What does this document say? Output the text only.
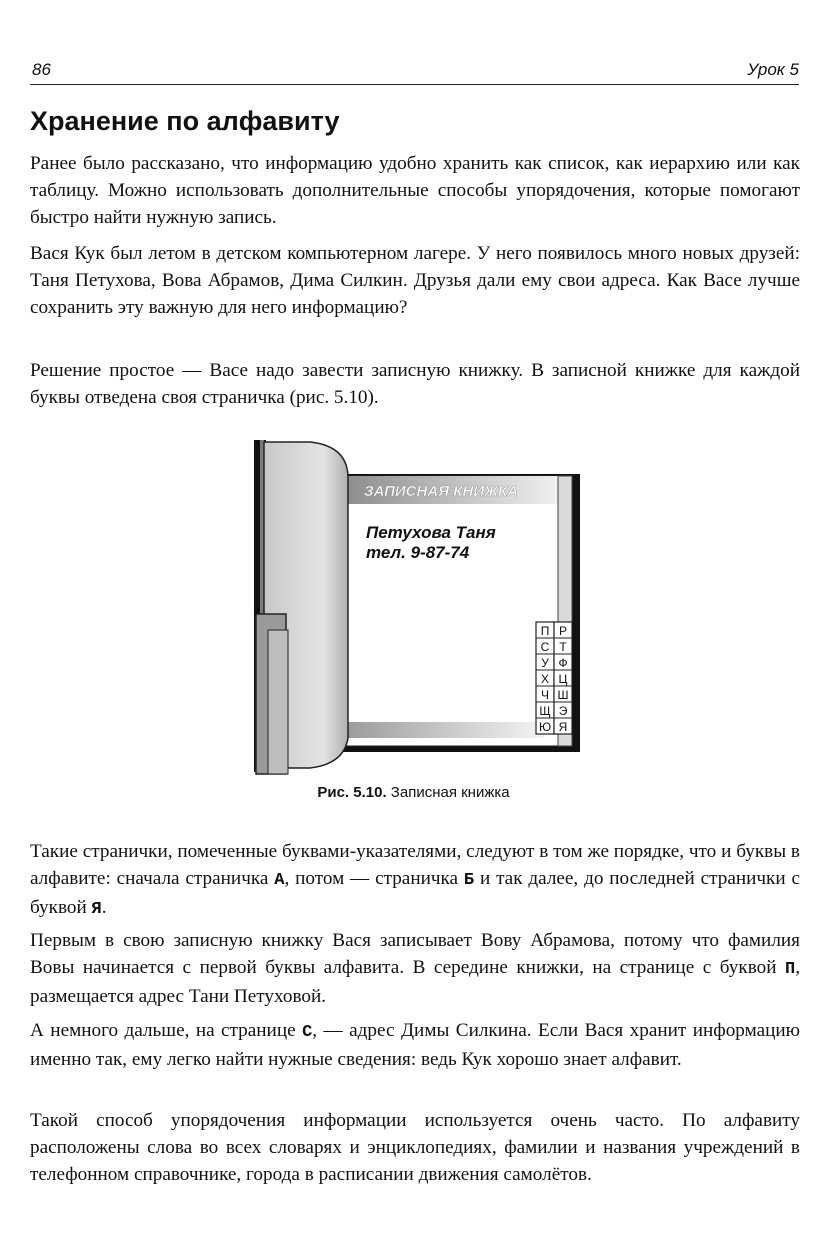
86	Урок 5
Хранение по алфавиту

Ранее было рассказано, что информацию удобно хранить как список, как иерархию или как таблицу. Можно использовать дополнительные способы упорядочения, которые помогают быстро найти нужную запись.

Вася Кук был летом в детском компьютерном лагере. У него появилось много новых друзей: Таня Петухова, Вова Абрамов, Дима Силкин. Друзья дали ему свои адреса. Как Васе лучше сохранить эту важную для него информацию?

Решение простое — Васе надо завести записную книжку. В записной книжке для каждой буквы отведена своя страничка (рис. 5.10).

П
С
У
Х
Ч
Щ
Ю
Р
Т
Ф
Ц
Ш
Э
Я
ЗАПИСНАЯ КНИЖКА
Петухова Таня
тел. 9-87-74
Рис. 5.10. Записная книжка

Такие странички, помеченные буквами-указателями, следуют в том же порядке, что и буквы в алфавите: сначала страничка А, потом — страничка Б и так далее, до последней странички с буквой Я.

Первым в свою записную книжку Вася записывает Вову Абрамова, потому что фамилия Вовы начинается с первой буквы алфавита. В середине книжки, на странице с буквой П, размещается адрес Тани Петуховой.

А немного дальше, на странице С, — адрес Димы Силкина. Если Вася хранит информацию именно так, ему легко найти нужные сведения: ведь Кук хорошо знает алфавит.

Такой способ упорядочения информации используется очень часто. По алфавиту расположены слова во всех словарях и энциклопедиях, фамилии и названия учреждений в телефонном справочнике, города в расписании движения самолётов.
